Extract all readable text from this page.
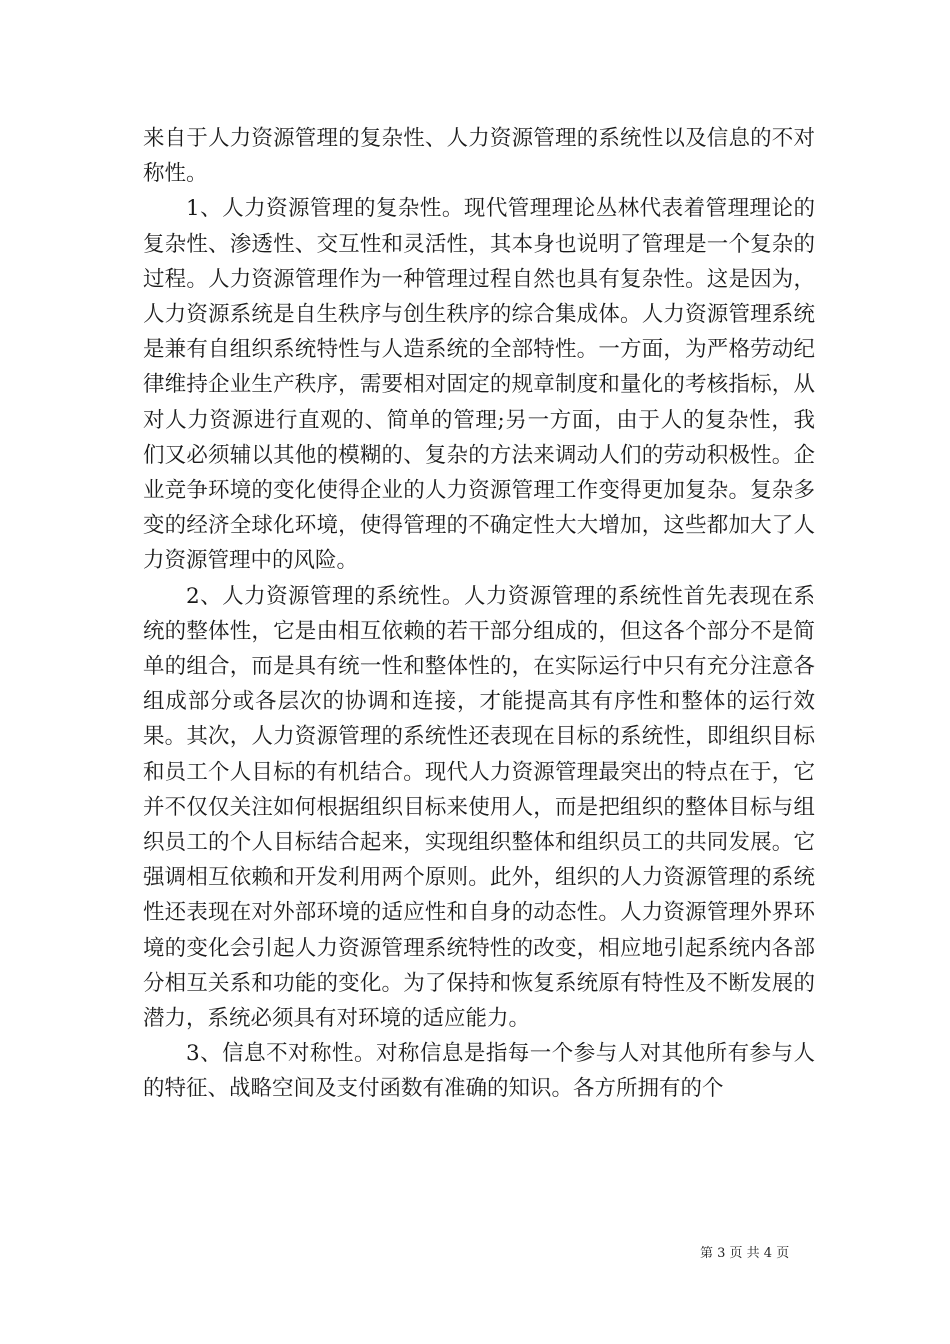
来自于人力资源管理的复杂性、人力资源管理的系统性以及信息的不对称性。

1、人力资源管理的复杂性。现代管理理论丛林代表着管理理论的复杂性、渗透性、交互性和灵活性，其本身也说明了管理是一个复杂的过程。人力资源管理作为一种管理过程自然也具有复杂性。这是因为，人力资源系统是自生秩序与创生秩序的综合集成体。人力资源管理系统是兼有自组织系统特性与人造系统的全部特性。一方面，为严格劳动纪律维持企业生产秩序，需要相对固定的规章制度和量化的考核指标，从对人力资源进行直观的、简单的管理;另一方面，由于人的复杂性，我们又必须辅以其他的模糊的、复杂的方法来调动人们的劳动积极性。企业竞争环境的变化使得企业的人力资源管理工作变得更加复杂。复杂多变的经济全球化环境，使得管理的不确定性大大增加，这些都加大了人力资源管理中的风险。

2、人力资源管理的系统性。人力资源管理的系统性首先表现在系统的整体性，它是由相互依赖的若干部分组成的，但这各个部分不是简单的组合，而是具有统一性和整体性的，在实际运行中只有充分注意各组成部分或各层次的协调和连接，才能提高其有序性和整体的运行效果。其次，人力资源管理的系统性还表现在目标的系统性，即组织目标和员工个人目标的有机结合。现代人力资源管理最突出的特点在于，它并不仅仅关注如何根据组织目标来使用人，而是把组织的整体目标与组织员工的个人目标结合起来，实现组织整体和组织员工的共同发展。它强调相互依赖和开发利用两个原则。此外，组织的人力资源管理的系统性还表现在对外部环境的适应性和自身的动态性。人力资源管理外界环境的变化会引起人力资源管理系统特性的改变，相应地引起系统内各部分相互关系和功能的变化。为了保持和恢复系统原有特性及不断发展的潜力，系统必须具有对环境的适应能力。

3、信息不对称性。对称信息是指每一个参与人对其他所有参与人的特征、战略空间及支付函数有准确的知识。各方所拥有的个

第 3 页 共 4 页
